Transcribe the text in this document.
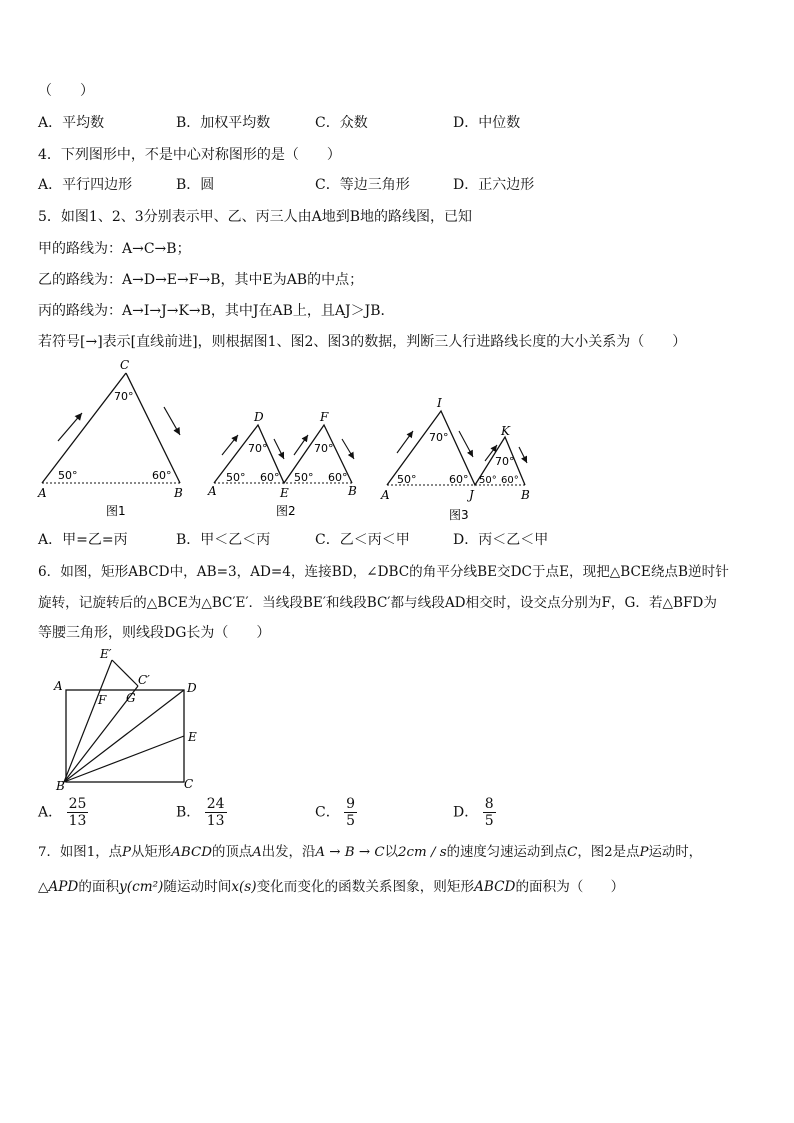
（　　）
A．平均数	B．加权平均数	C．众数	D．中位数
4．下列图形中，不是中心对称图形的是（　　）
A．平行四边形	B．圆	C．等边三角形	D．正六边形
5．如图1、2、3分别表示甲、乙、丙三人由A地到B地的路线图，已知
甲的路线为：A→C→B；
乙的路线为：A→D→E→F→B，其中E为AB的中点；
丙的路线为：A→I→J→K→B，其中J在AB上，且AJ＞JB．
若符号[→]表示[直线前进]，则根据图1、图2、图3的数据，判断三人行进路线长度的大小关系为（　　）
C
70°
50°	60°
A	B
图1
D	F
70°	70°
50° 60° 50° 60°
A	E	B
图2
I
K
70°
70°
50°	60° 50° 60°
A	J	B
图3
A．甲=乙=丙	B．甲＜乙＜丙	C．乙＜丙＜甲	D．丙＜乙＜甲
6．如图，矩形ABCD中，AB=3，AD=4，连接BD，∠DBC的角平分线BE交DC于点E，现把△BCE绕点B逆时针
旋转，记旋转后的△BCE为△BC′E′．当线段BE′和线段BC′都与线段AD相交时，设交点分别为F，G．若△BFD为
等腰三角形，则线段DG长为（　　）
E′
C′
A	D
F G
E
B	C
A． $\frac{25}{13}$	B． $\frac{24}{13}$	C． $\frac{9}{5}$	D． $\frac{8}{5}$
7．如图1，点P从矩形ABCD的顶点A出发，沿A → B → C以2cm / s的速度匀速运动到点C，图2是点P运动时，
△APD的面积y(cm²)随运动时间x(s)变化而变化的函数关系图象，则矩形ABCD的面积为（　　）
